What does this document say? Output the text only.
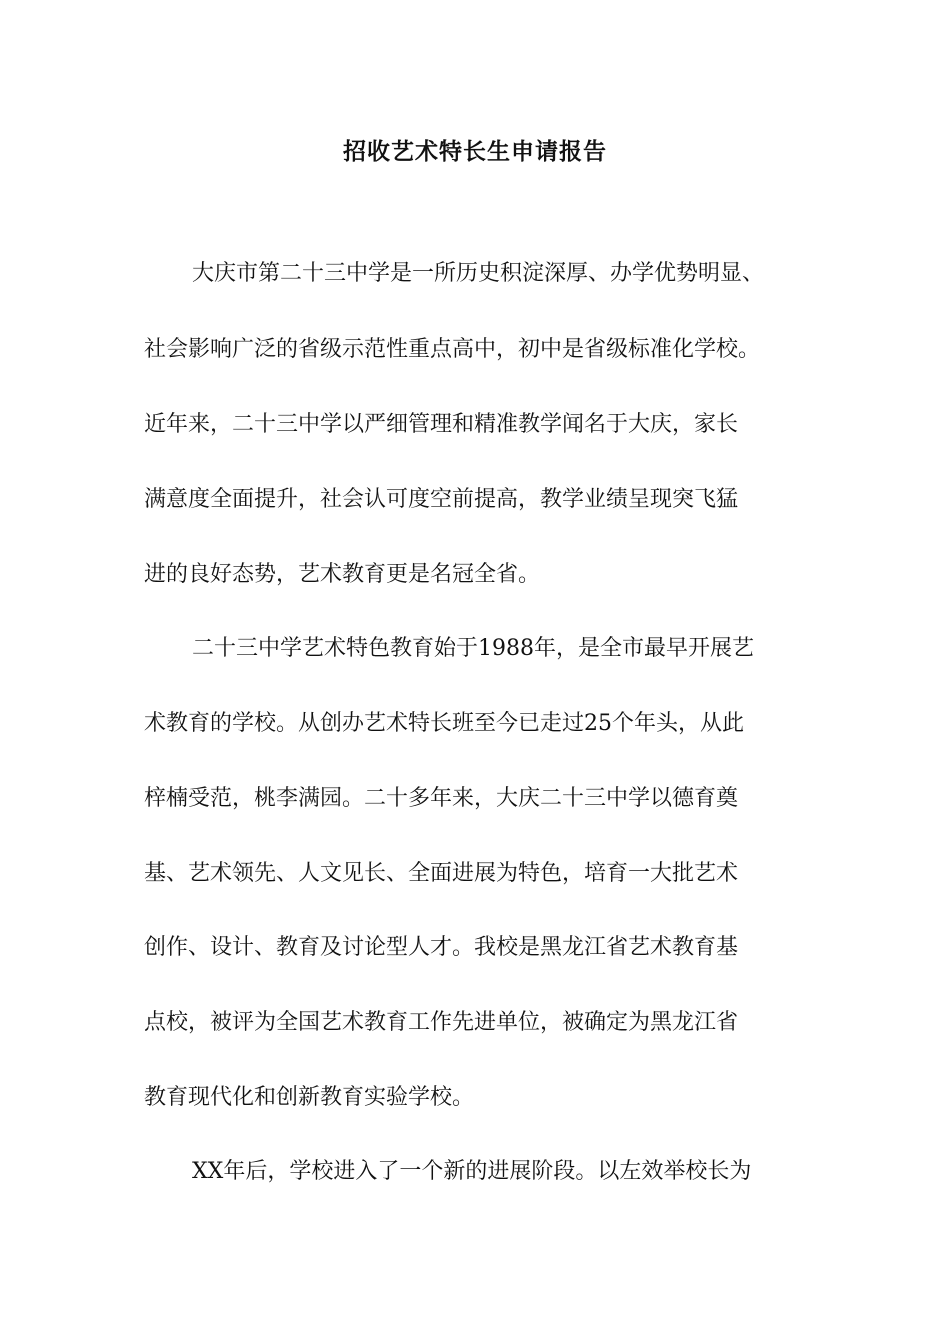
招收艺术特长生申请报告

大庆市第二十三中学是一所历史积淀深厚、办学优势明显、

社会影响广泛的省级示范性重点高中，初中是省级标准化学校。

近年来，二十三中学以严细管理和精准教学闻名于大庆，家长

满意度全面提升，社会认可度空前提高，教学业绩呈现突飞猛

进的良好态势，艺术教育更是名冠全省。

二十三中学艺术特色教育始于1988年，是全市最早开展艺

术教育的学校。从创办艺术特长班至今已走过25个年头，从此

梓楠受范，桃李满园。二十多年来，大庆二十三中学以德育奠

基、艺术领先、人文见长、全面进展为特色，培育一大批艺术

创作、设计、教育及讨论型人才。我校是黑龙江省艺术教育基

点校，被评为全国艺术教育工作先进单位，被确定为黑龙江省

教育现代化和创新教育实验学校。

XX年后，学校进入了一个新的进展阶段。以左效举校长为
